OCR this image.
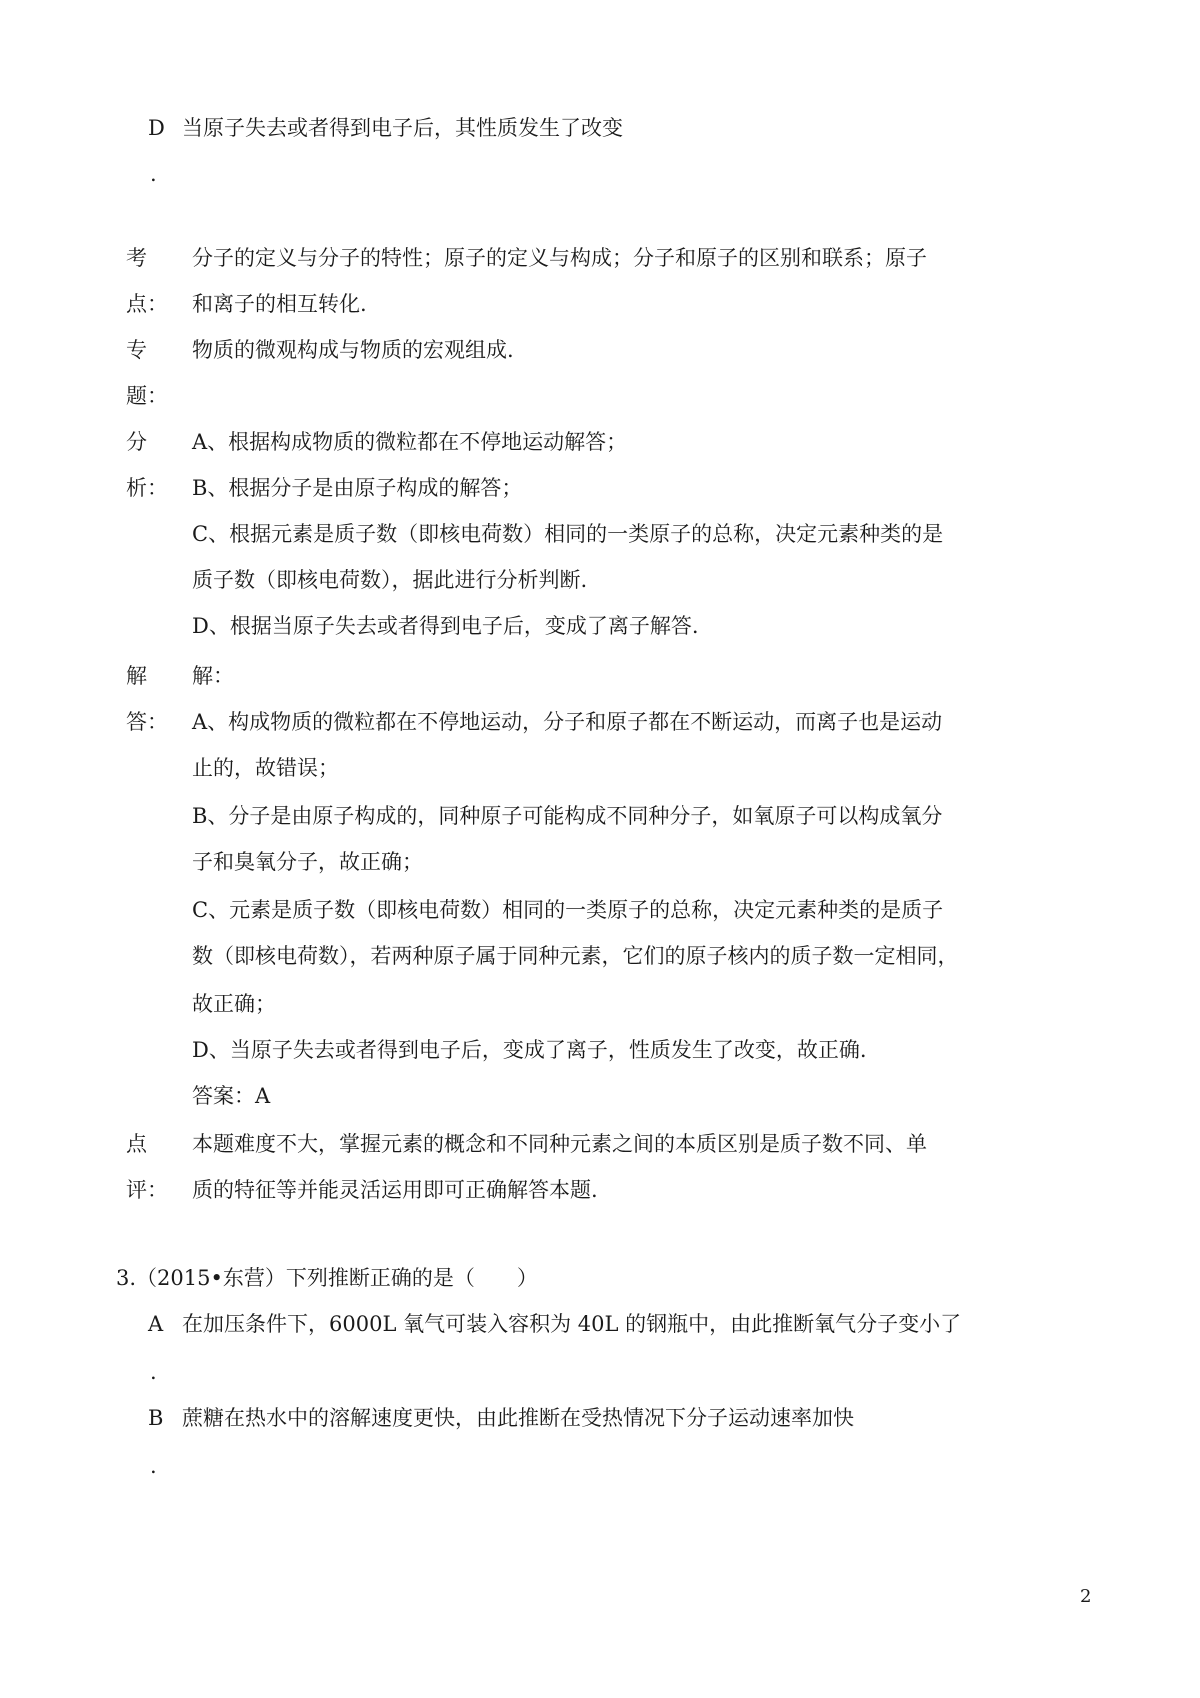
D 当原子失去或者得到电子后，其性质发生了改变
.
考
点：
分子的定义与分子的特性；原子的定义与构成；分子和原子的区别和联系；原子
和离子的相互转化.
专
题：
物质的微观构成与物质的宏观组成.
分
析：
A、根据构成物质的微粒都在不停地运动解答；
B、根据分子是由原子构成的解答；
C、根据元素是质子数（即核电荷数）相同的一类原子的总称，决定元素种类的是
质子数（即核电荷数），据此进行分析判断.
D、根据当原子失去或者得到电子后，变成了离子解答.
解
答：
解：
A、构成物质的微粒都在不停地运动，分子和原子都在不断运动，而离子也是运动
止的，故错误；
B、分子是由原子构成的，同种原子可能构成不同种分子，如氧原子可以构成氧分
子和臭氧分子，故正确；
C、元素是质子数（即核电荷数）相同的一类原子的总称，决定元素种类的是质子
数（即核电荷数），若两种原子属于同种元素，它们的原子核内的质子数一定相同，
故正确；
D、当原子失去或者得到电子后，变成了离子，性质发生了改变，故正确.
答案：A
点
评：
本题难度不大，掌握元素的概念和不同种元素之间的本质区别是质子数不同、单
质的特征等并能灵活运用即可正确解答本题.
3.（2015•东营）下列推断正确的是（　　）
A 在加压条件下，6000L 氧气可装入容积为 40L 的钢瓶中，由此推断氧气分子变小了
.
B 蔗糖在热水中的溶解速度更快，由此推断在受热情况下分子运动速率加快
.
2
